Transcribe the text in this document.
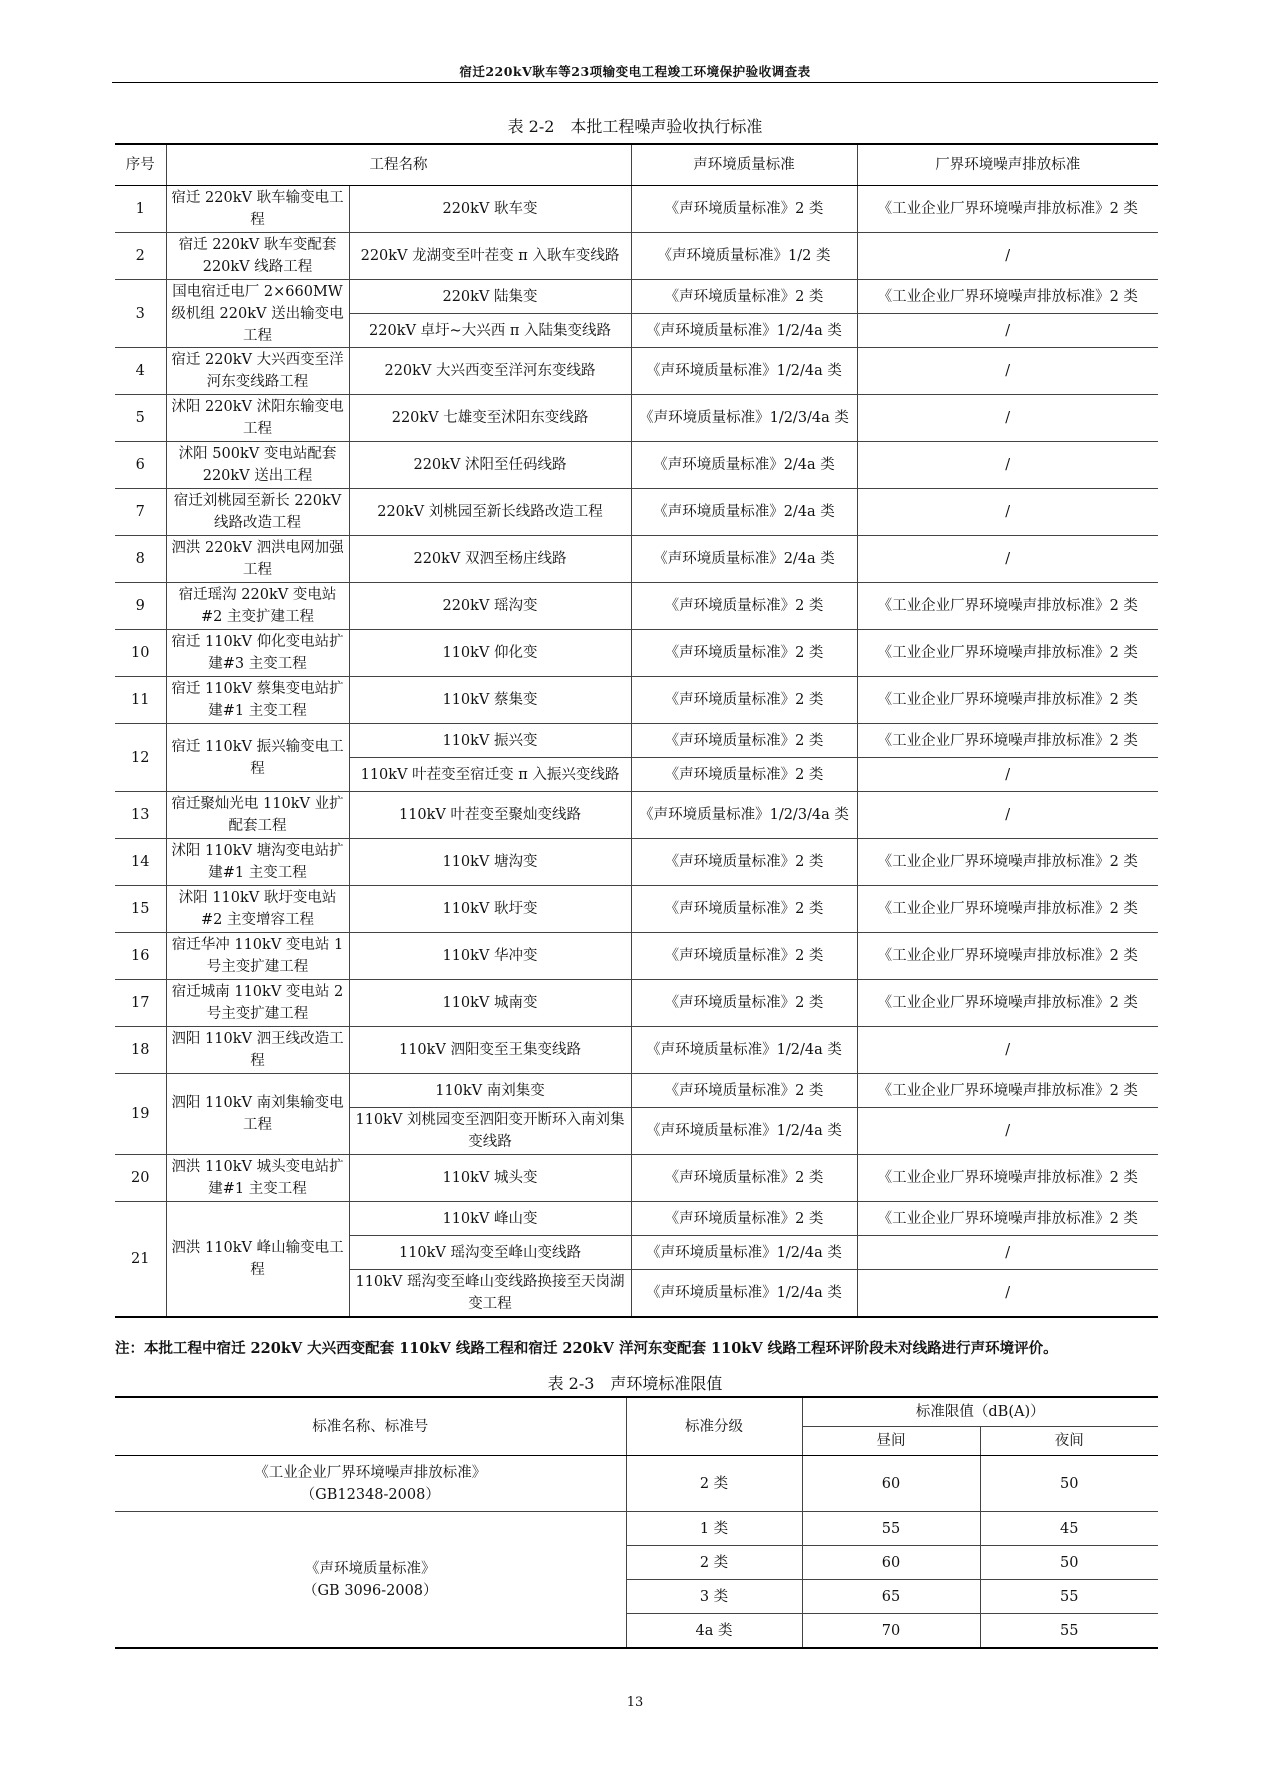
宿迁220kV耿车等23项输变电工程竣工环境保护验收调查表
表 2-2　本批工程噪声验收执行标准
序号	工程名称		声环境质量标准	厂界环境噪声排放标准
1	宿迁 220kV 耿车输变电工程	220kV 耿车变	《声环境质量标准》2 类	《工业企业厂界环境噪声排放标准》2 类
2	宿迁 220kV 耿车变配套 220kV 线路工程	220kV 龙湖变至叶茬变 π 入耿车变线路	《声环境质量标准》1/2 类	/
3	国电宿迁电厂 2×660MW 级机组 220kV 送出输变电工程	220kV 陆集变	《声环境质量标准》2 类	《工业企业厂界环境噪声排放标准》2 类
		220kV 卓圩~大兴西 π 入陆集变线路	《声环境质量标准》1/2/4a 类	/
4	宿迁 220kV 大兴西变至洋河东变线路工程	220kV 大兴西变至洋河东变线路	《声环境质量标准》1/2/4a 类	/
5	沭阳 220kV 沭阳东输变电工程	220kV 七雄变至沭阳东变线路	《声环境质量标准》1/2/3/4a 类	/
6	沭阳 500kV 变电站配套 220kV 送出工程	220kV 沭阳至任码线路	《声环境质量标准》2/4a 类	/
7	宿迁刘桃园至新长 220kV 线路改造工程	220kV 刘桃园至新长线路改造工程	《声环境质量标准》2/4a 类	/
8	泗洪 220kV 泗洪电网加强工程	220kV 双泗至杨庄线路	《声环境质量标准》2/4a 类	/
9	宿迁瑶沟 220kV 变电站 #2 主变扩建工程	220kV 瑶沟变	《声环境质量标准》2 类	《工业企业厂界环境噪声排放标准》2 类
10	宿迁 110kV 仰化变电站扩建#3 主变工程	110kV 仰化变	《声环境质量标准》2 类	《工业企业厂界环境噪声排放标准》2 类
11	宿迁 110kV 蔡集变电站扩建#1 主变工程	110kV 蔡集变	《声环境质量标准》2 类	《工业企业厂界环境噪声排放标准》2 类
12	宿迁 110kV 振兴输变电工程	110kV 振兴变	《声环境质量标准》2 类	《工业企业厂界环境噪声排放标准》2 类
		110kV 叶茬变至宿迁变 π 入振兴变线路	《声环境质量标准》2 类	/
13	宿迁聚灿光电 110kV 业扩配套工程	110kV 叶茬变至聚灿变线路	《声环境质量标准》1/2/3/4a 类	/
14	沭阳 110kV 塘沟变电站扩建#1 主变工程	110kV 塘沟变	《声环境质量标准》2 类	《工业企业厂界环境噪声排放标准》2 类
15	沭阳 110kV 耿圩变电站 #2 主变增容工程	110kV 耿圩变	《声环境质量标准》2 类	《工业企业厂界环境噪声排放标准》2 类
16	宿迁华冲 110kV 变电站 1 号主变扩建工程	110kV 华冲变	《声环境质量标准》2 类	《工业企业厂界环境噪声排放标准》2 类
17	宿迁城南 110kV 变电站 2 号主变扩建工程	110kV 城南变	《声环境质量标准》2 类	《工业企业厂界环境噪声排放标准》2 类
18	泗阳 110kV 泗王线改造工程	110kV 泗阳变至王集变线路	《声环境质量标准》1/2/4a 类	/
19	泗阳 110kV 南刘集输变电工程	110kV 南刘集变	《声环境质量标准》2 类	《工业企业厂界环境噪声排放标准》2 类
		110kV 刘桃园变至泗阳变开断环入南刘集变线路	《声环境质量标准》1/2/4a 类	/
20	泗洪 110kV 城头变电站扩建#1 主变工程	110kV 城头变	《声环境质量标准》2 类	《工业企业厂界环境噪声排放标准》2 类
21	泗洪 110kV 峰山输变电工程	110kV 峰山变	《声环境质量标准》2 类	《工业企业厂界环境噪声排放标准》2 类
		110kV 瑶沟变至峰山变线路	《声环境质量标准》1/2/4a 类	/
		110kV 瑶沟变至峰山变线路换接至天岗湖变工程	《声环境质量标准》1/2/4a 类	/
注：本批工程中宿迁 220kV 大兴西变配套 110kV 线路工程和宿迁 220kV 洋河东变配套 110kV 线路工程环评阶段未对线路进行声环境评价。
表 2-3　声环境标准限值
标准名称、标准号	标准分级	标准限值（dB(A)）	
		昼间	夜间

《工业企业厂界环境噪声排放标准》
（GB12348-2008）	2 类	60	50

《声环境质量标准》
（GB 3096-2008）	1 类	55	45
	2 类	60	50
	3 类	65	55
	4a 类	70	55
13
